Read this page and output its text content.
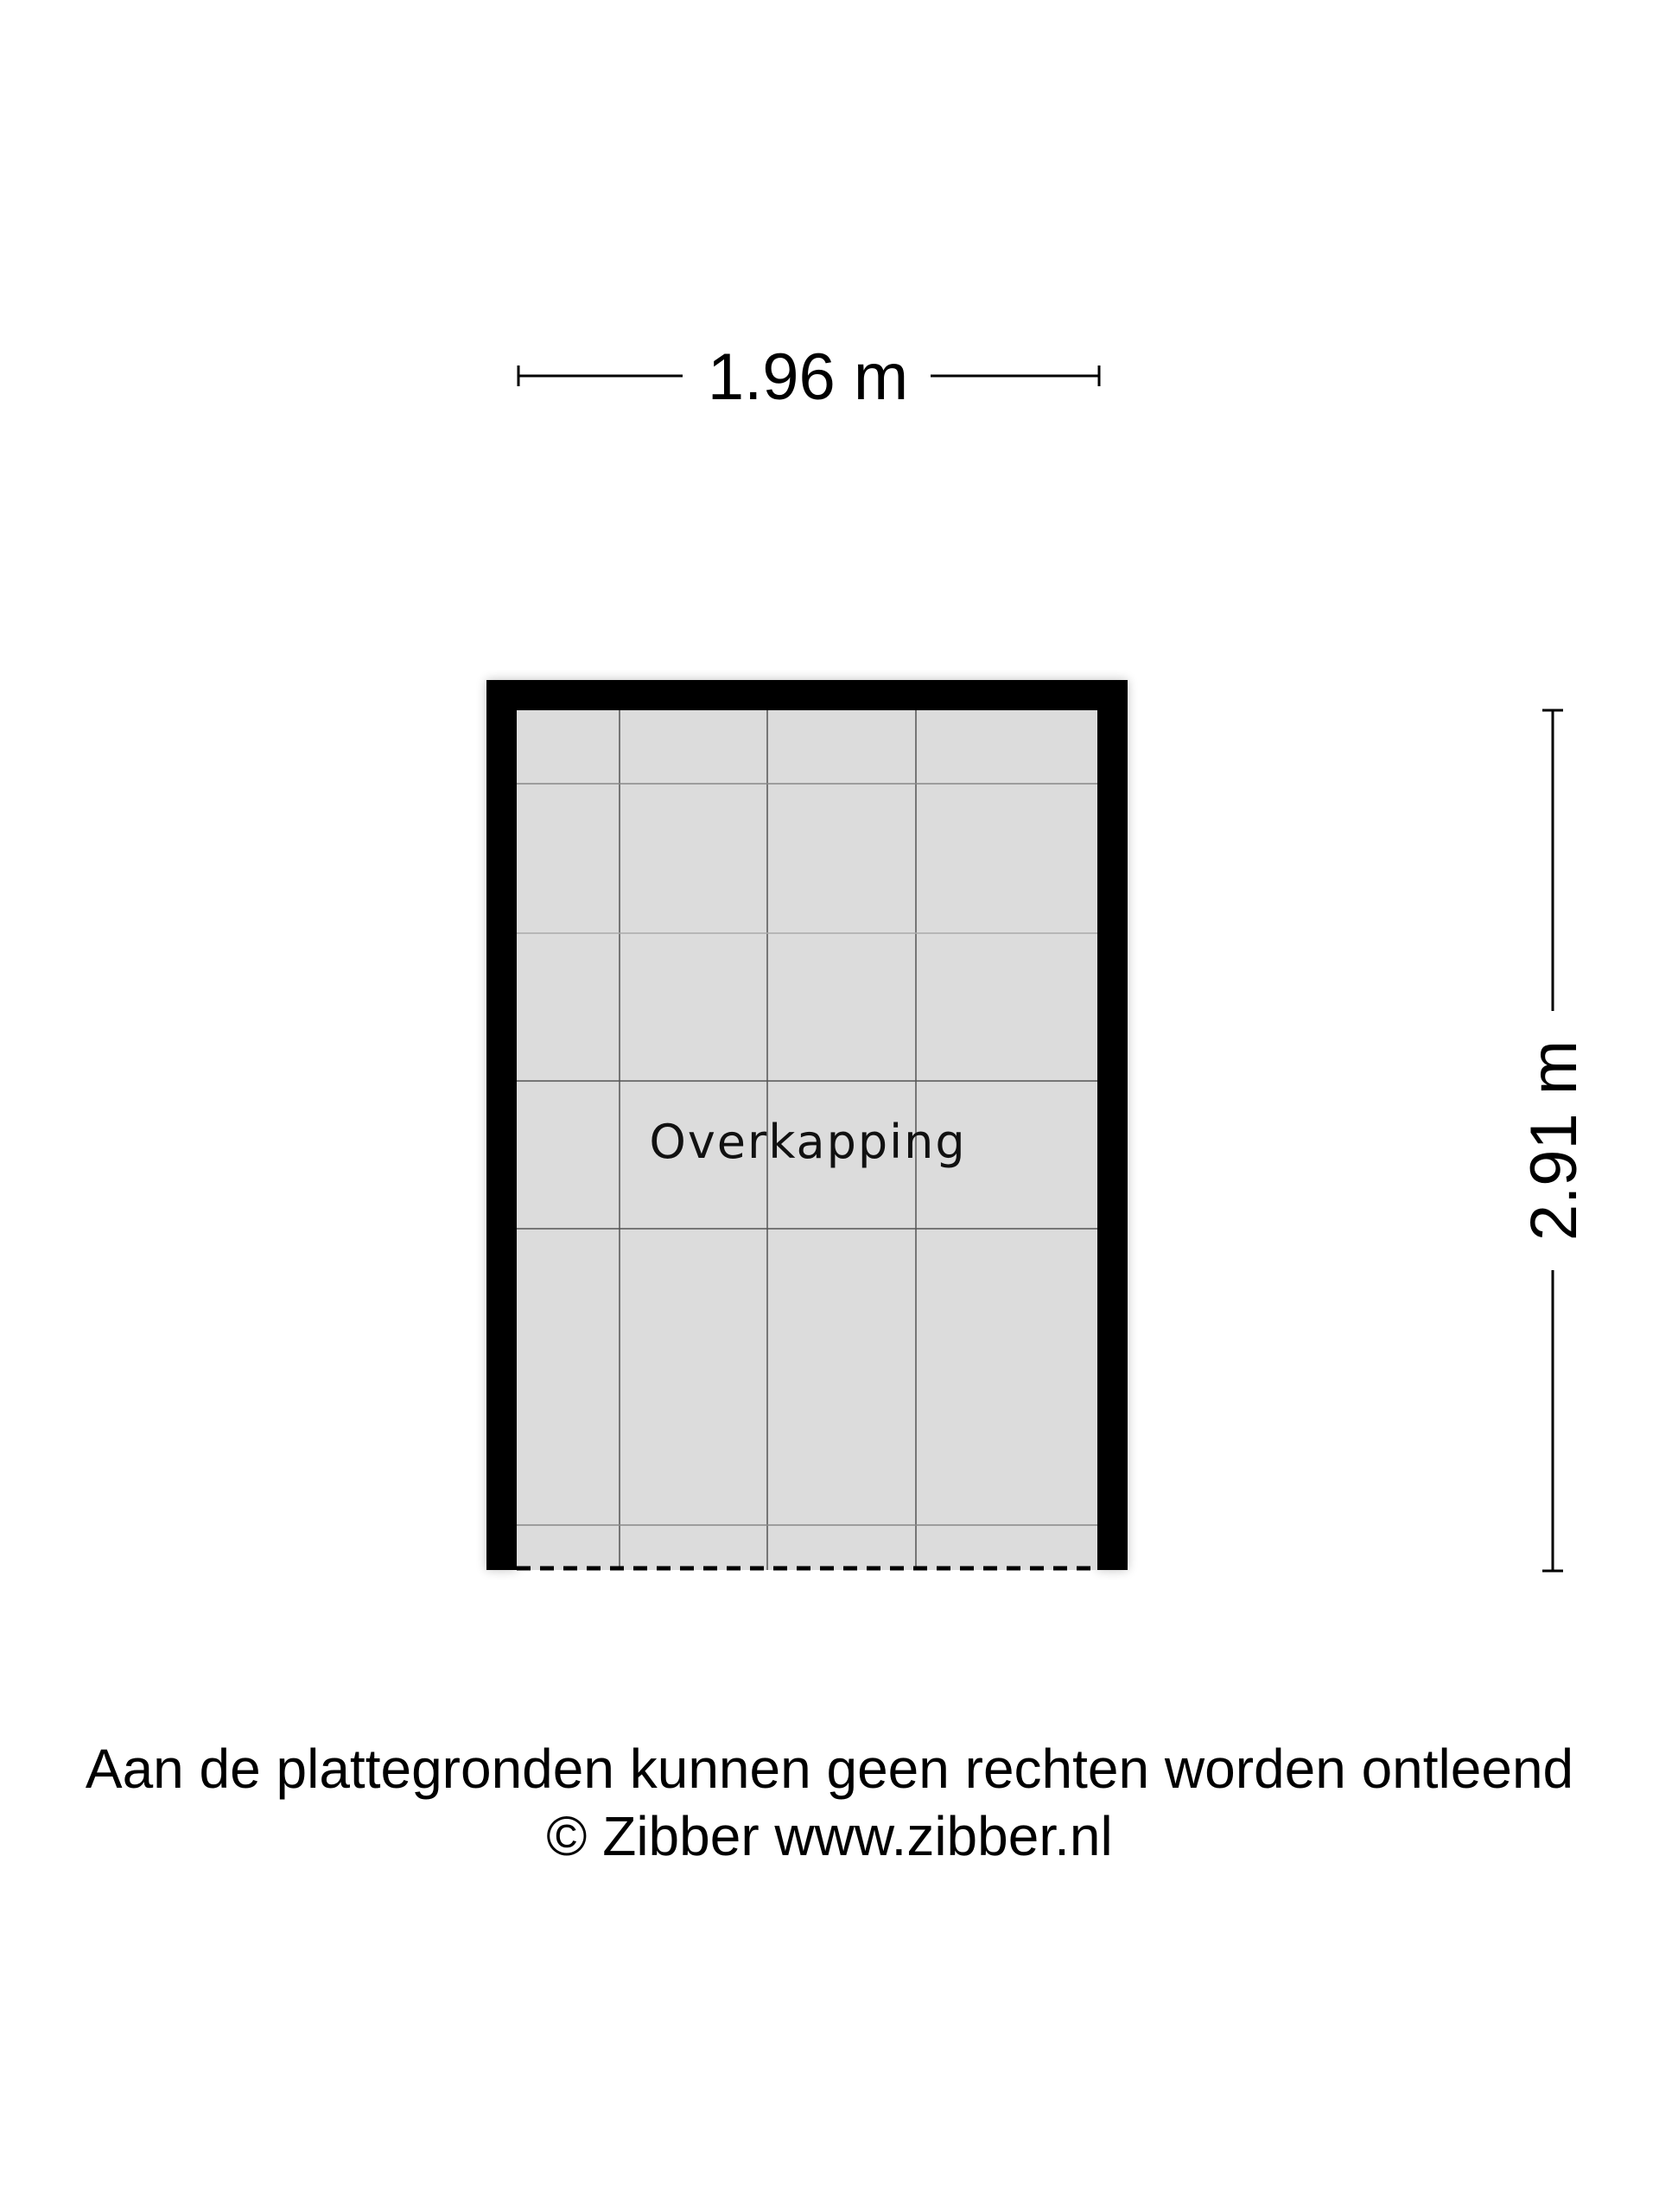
1.96 m
2.91 m
Overkapping
Aan de plattegronden kunnen geen rechten worden ontleend
© Zibber www.zibber.nl
